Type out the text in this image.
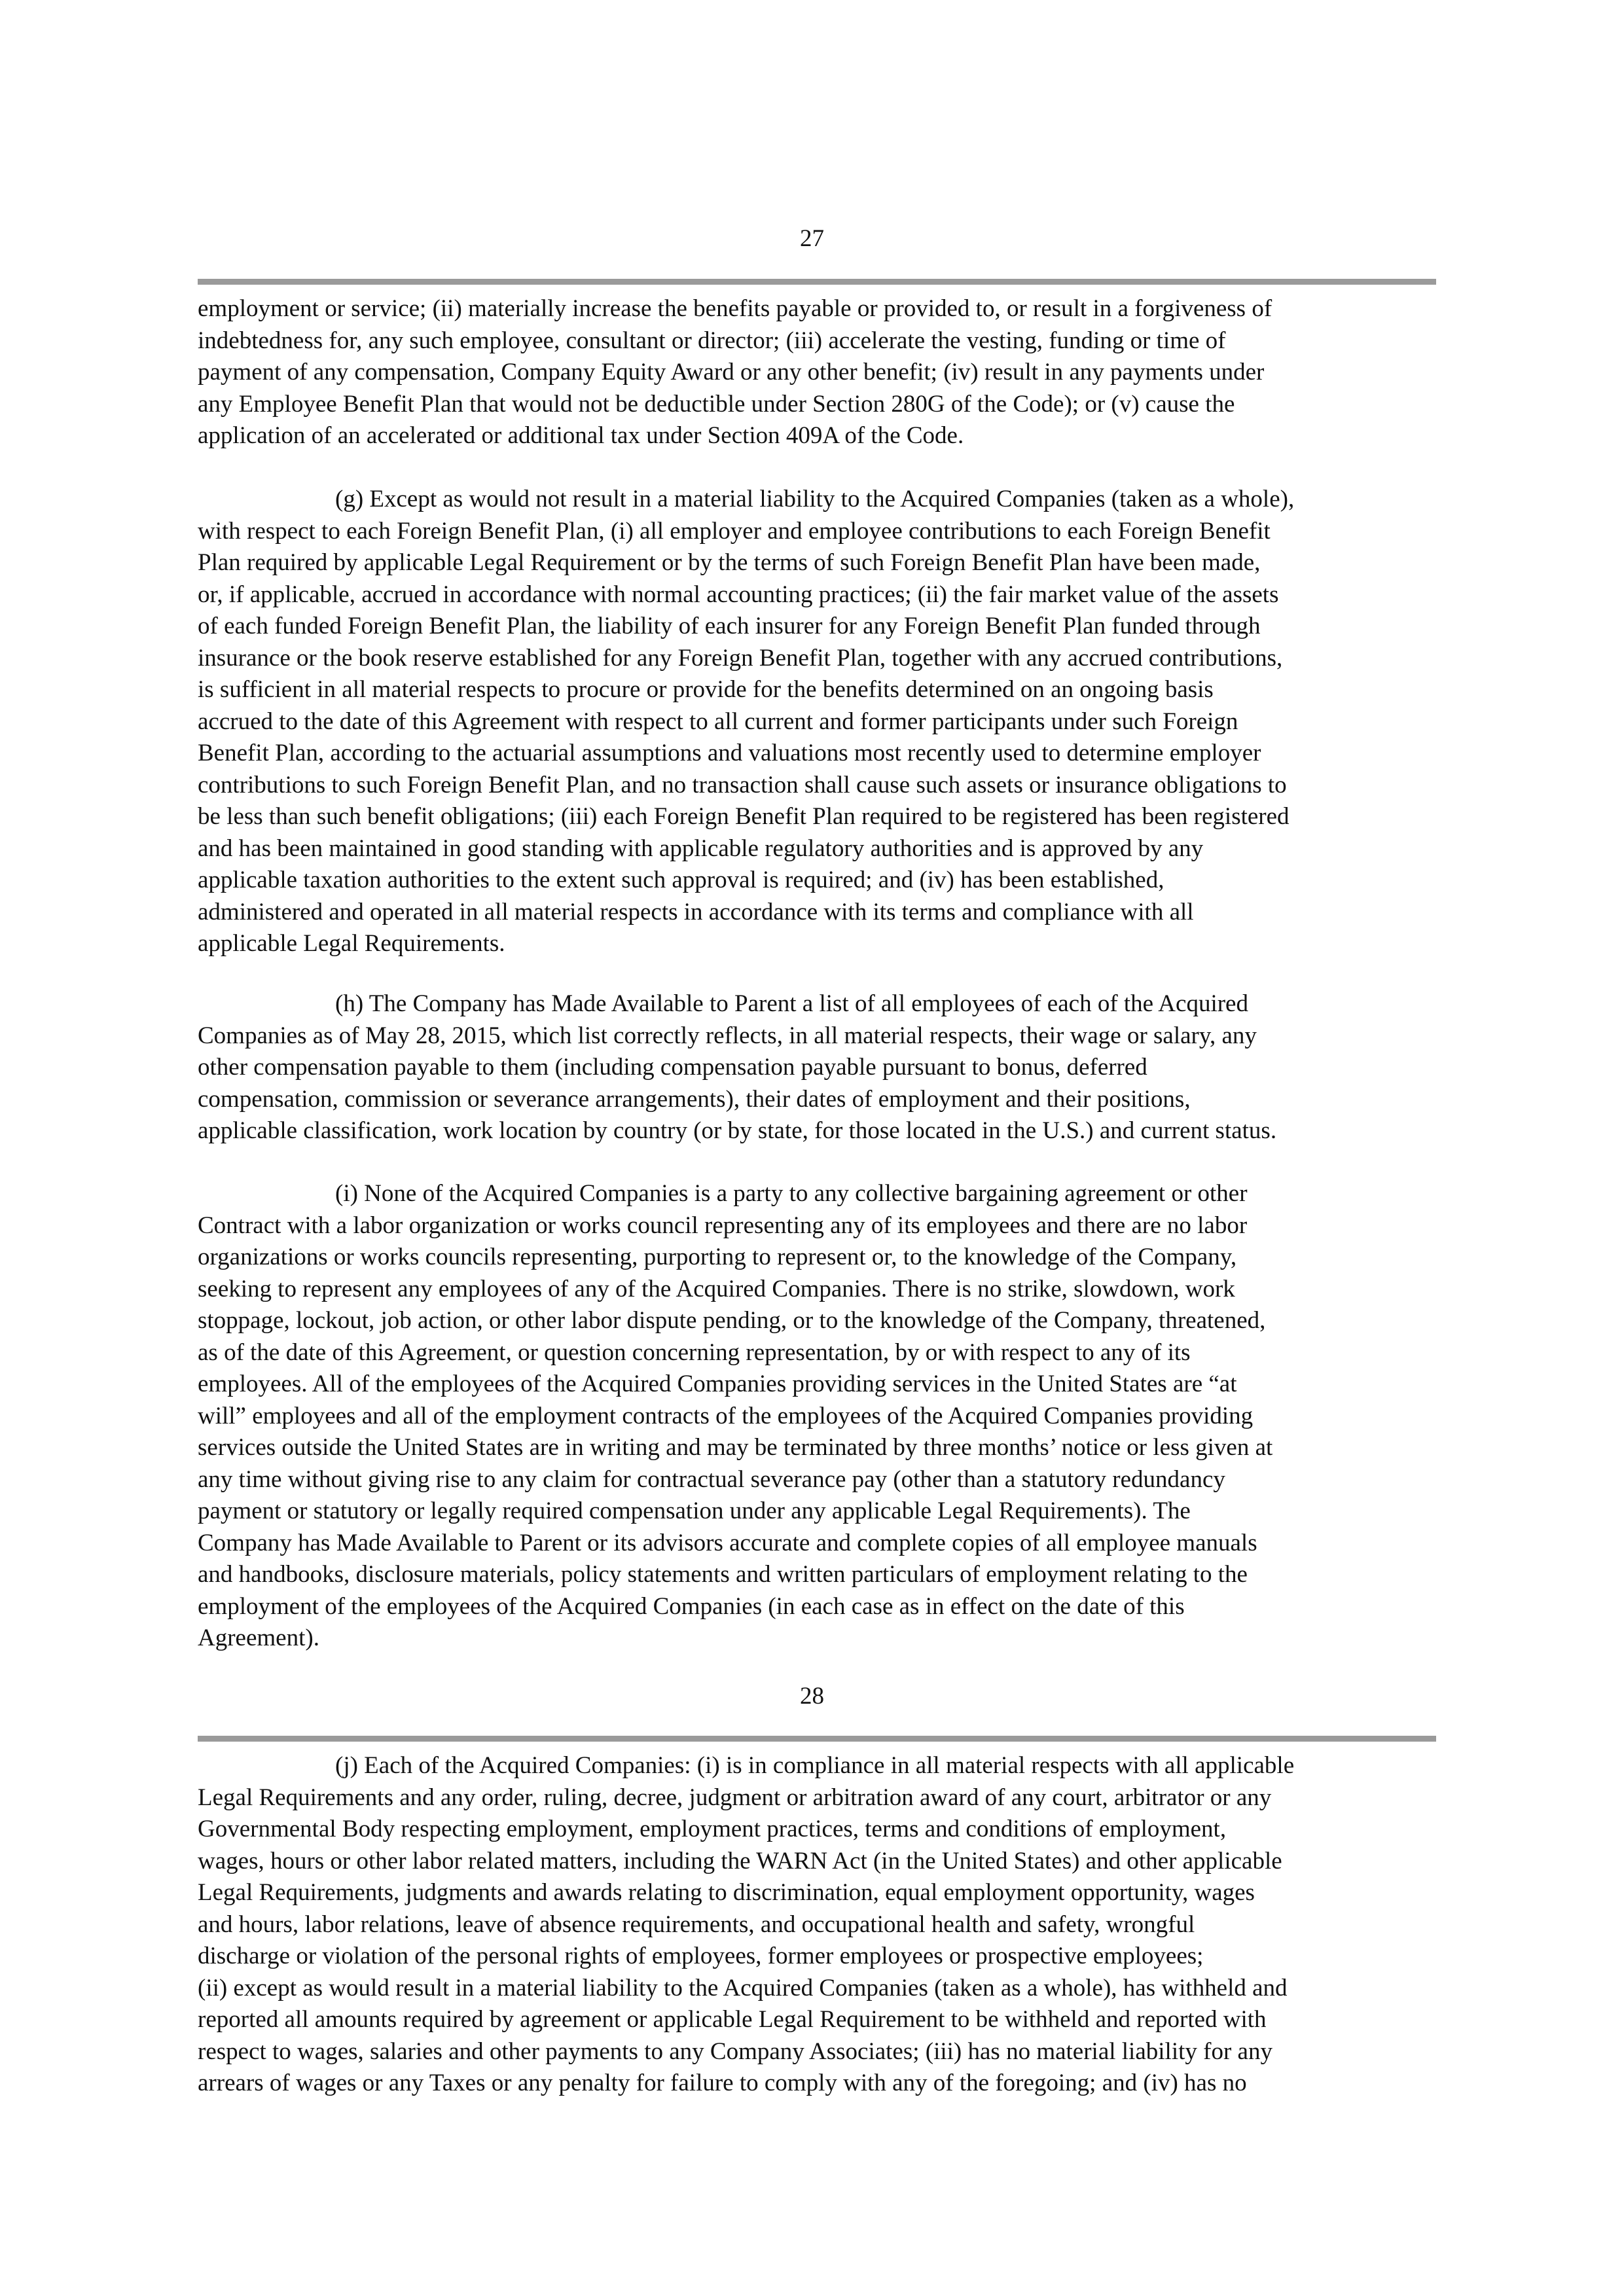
27
employment or service; (ii) materially increase the benefits payable or provided to, or result in a forgiveness of
indebtedness for, any such employee, consultant or director; (iii) accelerate the vesting, funding or time of
payment of any compensation, Company Equity Award or any other benefit; (iv) result in any payments under
any Employee Benefit Plan that would not be deductible under Section 280G of the Code); or (v) cause the
application of an accelerated or additional tax under Section 409A of the Code.
(g) Except as would not result in a material liability to the Acquired Companies (taken as a whole),
with respect to each Foreign Benefit Plan, (i) all employer and employee contributions to each Foreign Benefit
Plan required by applicable Legal Requirement or by the terms of such Foreign Benefit Plan have been made,
or, if applicable, accrued in accordance with normal accounting practices; (ii) the fair market value of the assets
of each funded Foreign Benefit Plan, the liability of each insurer for any Foreign Benefit Plan funded through
insurance or the book reserve established for any Foreign Benefit Plan, together with any accrued contributions,
is sufficient in all material respects to procure or provide for the benefits determined on an ongoing basis
accrued to the date of this Agreement with respect to all current and former participants under such Foreign
Benefit Plan, according to the actuarial assumptions and valuations most recently used to determine employer
contributions to such Foreign Benefit Plan, and no transaction shall cause such assets or insurance obligations to
be less than such benefit obligations; (iii) each Foreign Benefit Plan required to be registered has been registered
and has been maintained in good standing with applicable regulatory authorities and is approved by any
applicable taxation authorities to the extent such approval is required; and (iv) has been established,
administered and operated in all material respects in accordance with its terms and compliance with all
applicable Legal Requirements.
(h) The Company has Made Available to Parent a list of all employees of each of the Acquired
Companies as of May 28, 2015, which list correctly reflects, in all material respects, their wage or salary, any
other compensation payable to them (including compensation payable pursuant to bonus, deferred
compensation, commission or severance arrangements), their dates of employment and their positions,
applicable classification, work location by country (or by state, for those located in the U.S.) and current status.
(i) None of the Acquired Companies is a party to any collective bargaining agreement or other
Contract with a labor organization or works council representing any of its employees and there are no labor
organizations or works councils representing, purporting to represent or, to the knowledge of the Company,
seeking to represent any employees of any of the Acquired Companies. There is no strike, slowdown, work
stoppage, lockout, job action, or other labor dispute pending, or to the knowledge of the Company, threatened,
as of the date of this Agreement, or question concerning representation, by or with respect to any of its
employees. All of the employees of the Acquired Companies providing services in the United States are “at
will” employees and all of the employment contracts of the employees of the Acquired Companies providing
services outside the United States are in writing and may be terminated by three months’ notice or less given at
any time without giving rise to any claim for contractual severance pay (other than a statutory redundancy
payment or statutory or legally required compensation under any applicable Legal Requirements). The
Company has Made Available to Parent or its advisors accurate and complete copies of all employee manuals
and handbooks, disclosure materials, policy statements and written particulars of employment relating to the
employment of the employees of the Acquired Companies (in each case as in effect on the date of this
Agreement).
28
(j) Each of the Acquired Companies: (i) is in compliance in all material respects with all applicable
Legal Requirements and any order, ruling, decree, judgment or arbitration award of any court, arbitrator or any
Governmental Body respecting employment, employment practices, terms and conditions of employment,
wages, hours or other labor related matters, including the WARN Act (in the United States) and other applicable
Legal Requirements, judgments and awards relating to discrimination, equal employment opportunity, wages
and hours, labor relations, leave of absence requirements, and occupational health and safety, wrongful
discharge or violation of the personal rights of employees, former employees or prospective employees;
(ii) except as would result in a material liability to the Acquired Companies (taken as a whole), has withheld and
reported all amounts required by agreement or applicable Legal Requirement to be withheld and reported with
respect to wages, salaries and other payments to any Company Associates; (iii) has no material liability for any
arrears of wages or any Taxes or any penalty for failure to comply with any of the foregoing; and (iv) has no
